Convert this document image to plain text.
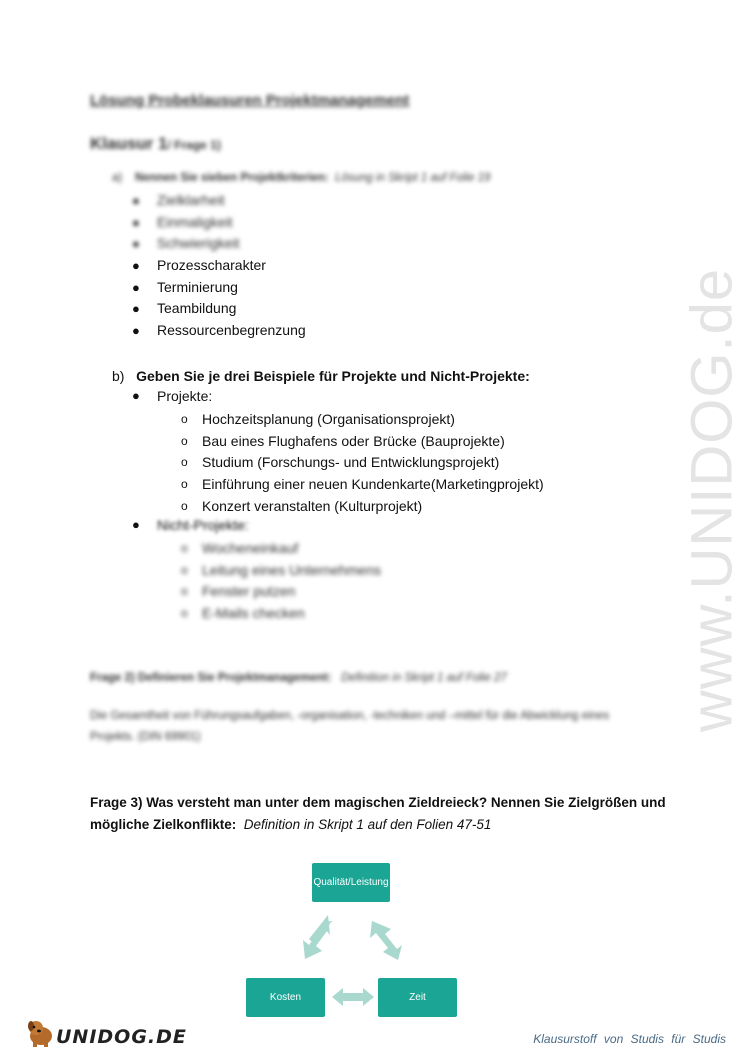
www.UNIDOG.de
Lösung Probeklausuren Projektmanagement
Klausur 1/ Frage 1)
a) Nennen Sie sieben Projektkriterien: Lösung in Skript 1 auf Folie 19
● Zielklarheit
● Einmaligkeit
● Schwierigkeit
● Prozesscharakter
● Terminierung
● Teambildung
● Ressourcenbegrenzung
b) Geben Sie je drei Beispiele für Projekte und Nicht-Projekte:
● Projekte:
o Hochzeitsplanung (Organisationsprojekt)
o Bau eines Flughafens oder Brücke (Bauprojekte)
o Studium (Forschungs- und Entwicklungsprojekt)
o Einführung einer neuen Kundenkarte(Marketingprojekt)
o Konzert veranstalten (Kulturprojekt)
● Nicht-Projekte:
o Wocheneinkauf
o Leitung eines Unternehmens
o Fenster putzen
o E-Mails checken
Frage 2) Definieren Sie Projektmanagement: Definition in Skript 1 auf Folie 27
Die Gesamtheit von Führungsaufgaben, -organisation, -techniken und –mittel für die Abwicklung eines Projekts. (DIN 69901)
Frage 3) Was versteht man unter dem magischen Zieldreieck? Nennen Sie Zielgrößen und mögliche Zielkonflikte: Definition in Skript 1 auf den Folien 47-51
Qualität/Leistung
Kosten	Zeit
UNIDOG.DE	Klausurstoff von Studis für Studis
